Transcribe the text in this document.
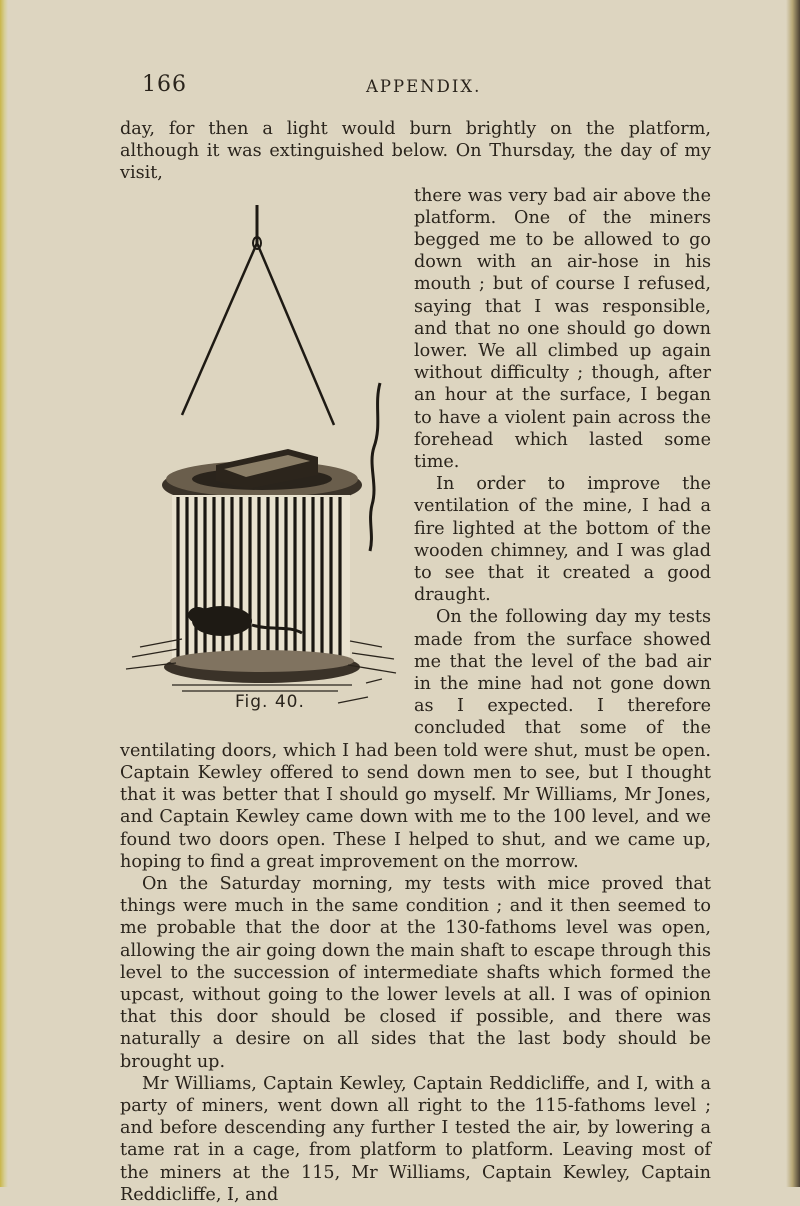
166	APPENDIX.

day, for then a light would burn brightly on the platform, although it was extinguished below. On Thursday, the day of my visit,

Fig. 40.

there was very bad air above the platform. One of the miners begged me to be allowed to go down with an air-hose in his mouth ; but of course I refused, saying that I was responsible, and that no one should go down lower. We all climbed up again without difficulty ; though, after an hour at the surface, I began to have a violent pain across the forehead which lasted some time.

In order to improve the ventilation of the mine, I had a fire lighted at the bottom of the wooden chimney, and I was glad to see that it created a good draught.

On the following day my tests made from the surface showed me that the level of the bad air in the mine had not gone down as I expected. I therefore concluded that some of the ventilating doors, which I had been told were shut, must be open. Captain Kewley offered to send down men to see, but I thought that it was better that I should go myself. Mr Williams, Mr Jones, and Captain Kewley came down with me to the 100 level, and we found two doors open. These I helped to shut, and we came up, hoping to find a great improvement on the morrow.

On the Saturday morning, my tests with mice proved that things were much in the same condition ; and it then seemed to me probable that the door at the 130-fathoms level was open, allowing the air going down the main shaft to escape through this level to the succession of intermediate shafts which formed the upcast, without going to the lower levels at all. I was of opinion that this door should be closed if possible, and there was naturally a desire on all sides that the last body should be brought up.

Mr Williams, Captain Kewley, Captain Reddicliffe, and I, with a party of miners, went down all right to the 115-fathoms level ; and before descending any further I tested the air, by lowering a tame rat in a cage, from platform to platform. Leaving most of the miners at the 115, Mr Williams, Captain Kewley, Captain Reddicliffe, I, and
